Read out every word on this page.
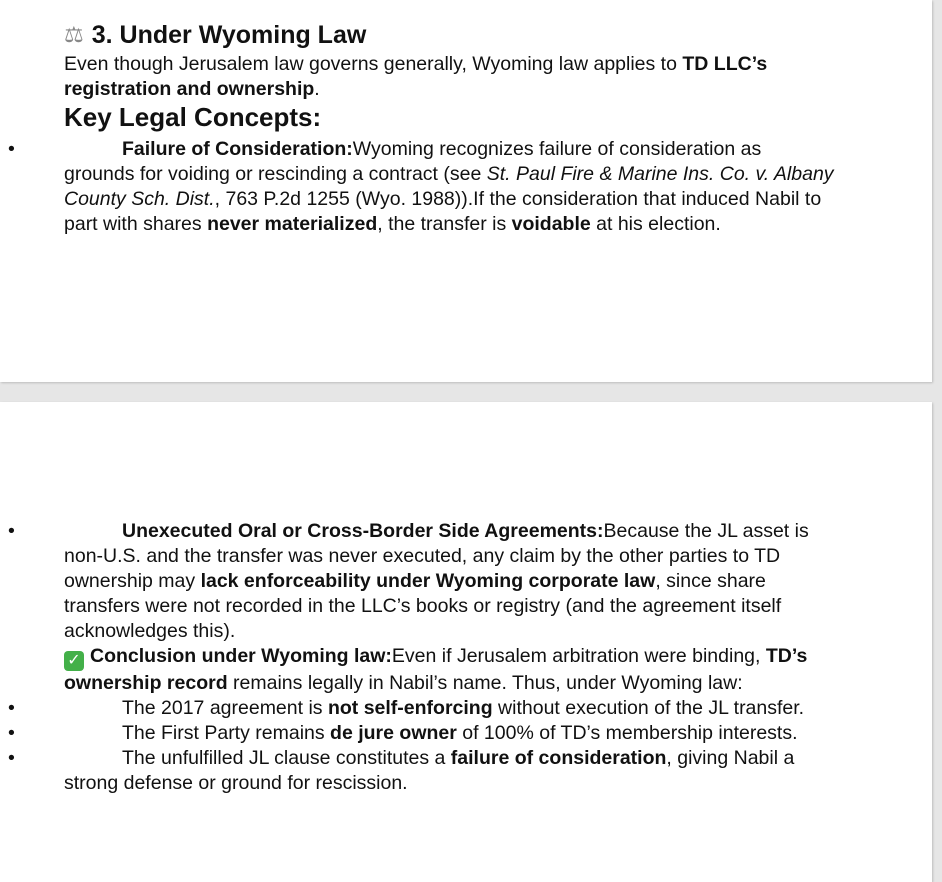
⚖ 3. Under Wyoming Law

Even though Jerusalem law governs generally, Wyoming law applies to TD LLC’s registration and ownership.

Key Legal Concepts:

•	Failure of Consideration:Wyoming recognizes failure of consideration as grounds for voiding or rescinding a contract (see St. Paul Fire & Marine Ins. Co. v. Albany County Sch. Dist., 763 P.2d 1255 (Wyo. 1988)).If the consideration that induced Nabil to part with shares never materialized, the transfer is voidable at his election.

•	Unexecuted Oral or Cross-Border Side Agreements:Because the JL asset is non-U.S. and the transfer was never executed, any claim by the other parties to TD ownership may lack enforceability under Wyoming corporate law, since share transfers were not recorded in the LLC’s books or registry (and the agreement itself acknowledges this).

✓ Conclusion under Wyoming law:Even if Jerusalem arbitration were binding, TD’s ownership record remains legally in Nabil’s name. Thus, under Wyoming law:

•	The 2017 agreement is not self-enforcing without execution of the JL transfer.

•	The First Party remains de jure owner of 100% of TD’s membership interests.

•	The unfulfilled JL clause constitutes a failure of consideration, giving Nabil a strong defense or ground for rescission.
